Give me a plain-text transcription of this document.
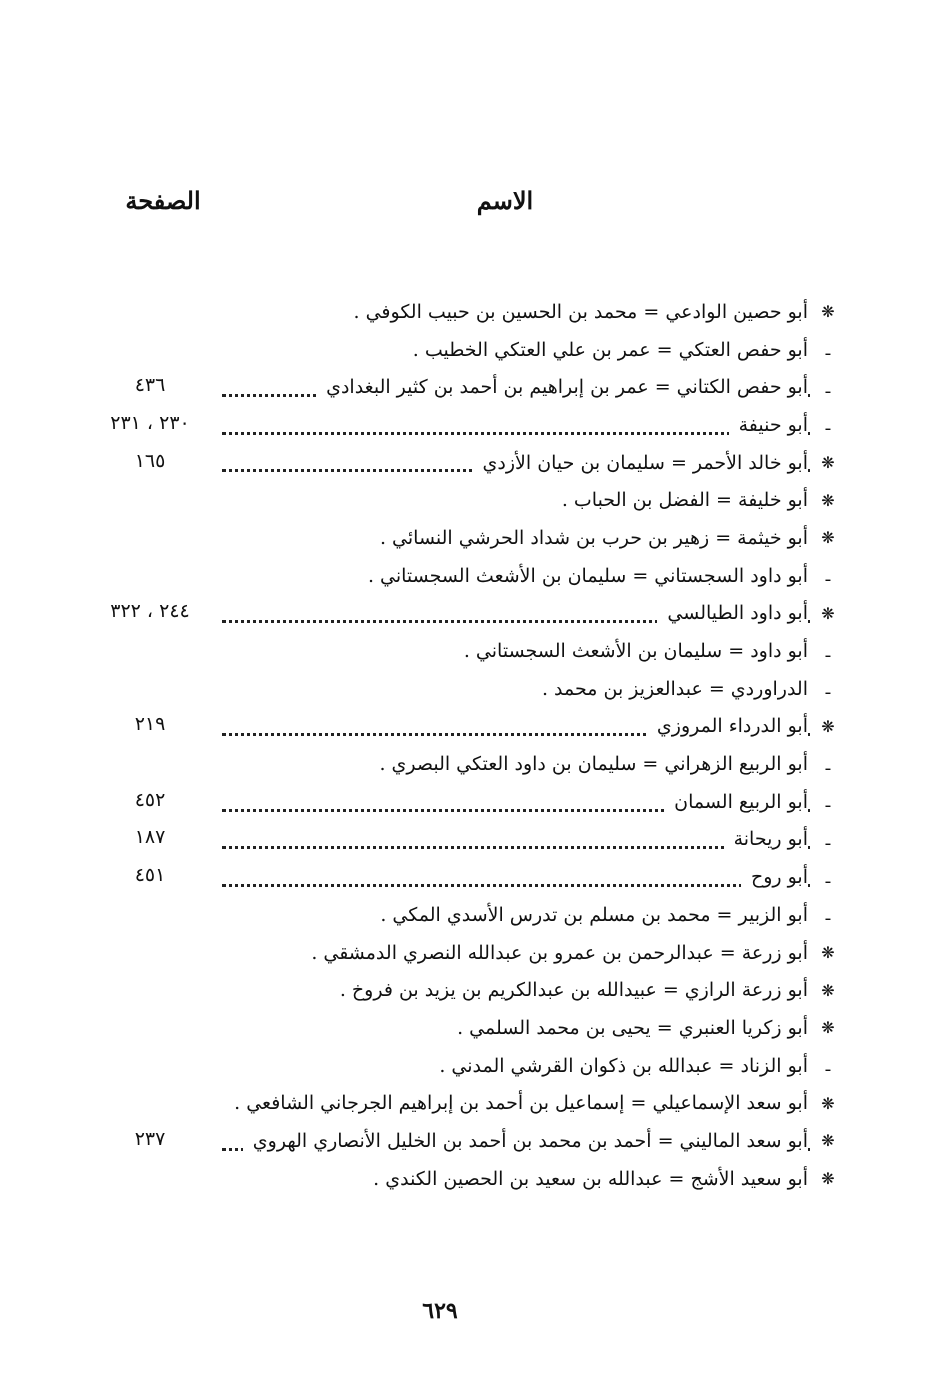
الاسم
الصفحة
❋
أبو حصين الوادعي = محمد بن الحسين بن حبيب الكوفي
.
ـ
أبو حفص العتكي = عمر بن علي العتكي الخطيب
.
ـ
أبو حفص الكتاني = عمر بن إبراهيم بن أحمد بن كثير البغدادي
٤٣٦
ـ
أبو حنيفة
٢٣٠ ، ٢٣١
❋
أبو خالد الأحمر = سليمان بن حيان الأزدي
١٦٥
❋
أبو خليفة = الفضل بن الحباب
.
❋
أبو خيثمة = زهير بن حرب بن شداد الحرشي النسائي
.
ـ
أبو داود السجستاني = سليمان بن الأشعث السجستاني
.
❋
أبو داود الطيالسي
٢٤٤ ، ٣٢٢
ـ
أبو داود = سليمان بن الأشعث السجستاني
.
ـ
الدراوردي = عبدالعزيز بن محمد
.
❋
أبو الدرداء المروزي
٢١٩
ـ
أبو الربيع الزهراني = سليمان بن داود العتكي البصري
.
ـ
أبو الربيع السمان
٤٥٢
ـ
أبو ريحانة
١٨٧
ـ
أبو روح
٤٥١
ـ
أبو الزبير = محمد بن مسلم بن تدرس الأسدي المكي
.
❋
أبو زرعة = عبدالرحمن بن عمرو بن عبدالله النصري الدمشقي
.
❋
أبو زرعة الرازي = عبيدالله بن عبدالكريم بن يزيد بن فروخ
.
❋
أبو زكريا العنبري = يحيى بن محمد السلمي
.
ـ
أبو الزناد = عبدالله بن ذكوان القرشي المدني
.
❋
أبو سعد الإسماعيلي = إسماعيل بن أحمد بن إبراهيم الجرجاني الشافعي
.
❋
أبو سعد الماليني = أحمد بن محمد بن أحمد بن الخليل الأنصاري الهروي
٢٣٧
❋
أبو سعيد الأشج = عبدالله بن سعيد بن الحصين الكندي
.
٦٢٩
